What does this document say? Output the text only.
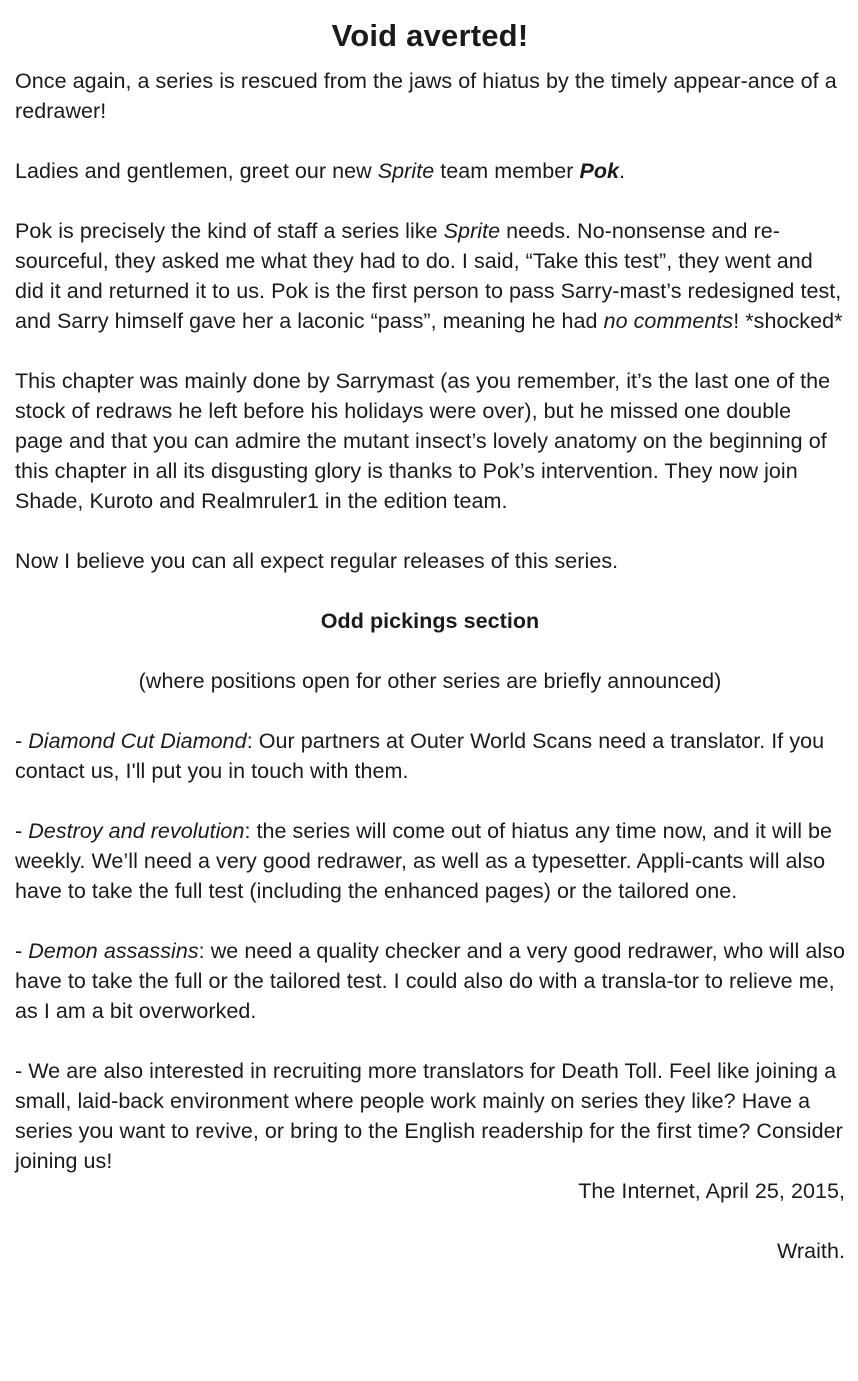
Void averted!

Once again, a series is rescued from the jaws of hiatus by the timely appear-ance of a redrawer!

Ladies and gentlemen, greet our new Sprite team member Pok.

Pok is precisely the kind of staff a series like Sprite needs. No-nonsense and re-sourceful, they asked me what they had to do. I said, “Take this test”, they went and did it and returned it to us. Pok is the first person to pass Sarry-mast’s redesigned test, and Sarry himself gave her a laconic “pass”, meaning he had no comments! *shocked*

This chapter was mainly done by Sarrymast (as you remember, it’s the last one of the stock of redraws he left before his holidays were over), but he missed one double page and that you can admire the mutant insect’s lovely anatomy on the beginning of this chapter in all its disgusting glory is thanks to Pok’s intervention. They now join Shade, Kuroto and Realmruler1 in the edition team.

Now I believe you can all expect regular releases of this series.

Odd pickings section

(where positions open for other series are briefly announced)

- Diamond Cut Diamond: Our partners at Outer World Scans need a translator. If you contact us, I'll put you in touch with them.

- Destroy and revolution: the series will come out of hiatus any time now, and it will be weekly. We’ll need a very good redrawer, as well as a typesetter. Appli-cants will also have to take the full test (including the enhanced pages) or the tailored one.

- Demon assassins: we need a quality checker and a very good redrawer, who will also have to take the full or the tailored test. I could also do with a transla-tor to relieve me, as I am a bit overworked.

- We are also interested in recruiting more translators for Death Toll. Feel like joining a small, laid-back environment where people work mainly on series they like? Have a series you want to revive, or bring to the English readership for the first time? Consider joining us!

The Internet, April 25, 2015,

Wraith.
